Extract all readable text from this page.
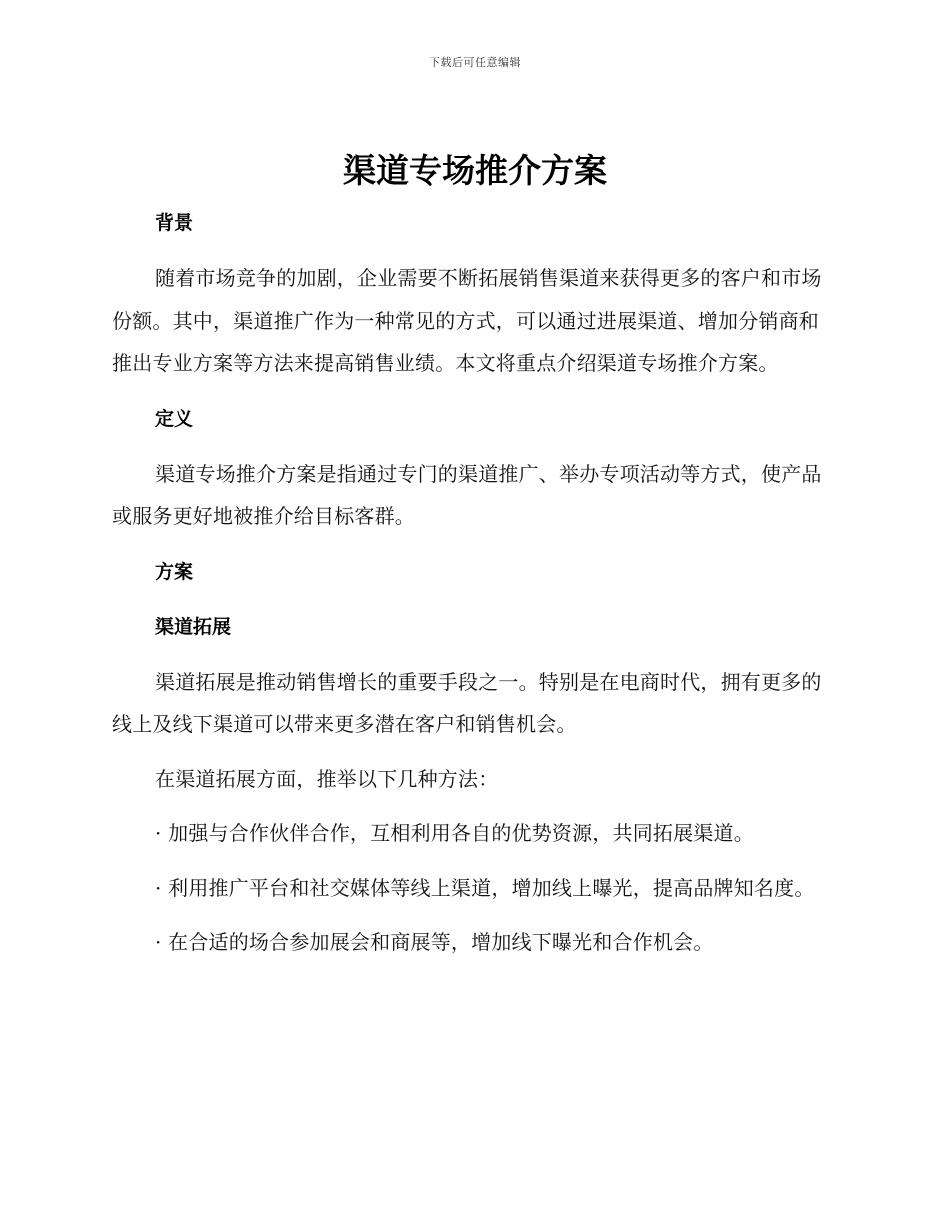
下载后可任意编辑
渠道专场推介方案
背景

随着市场竞争的加剧，企业需要不断拓展销售渠道来获得更多的客户和市场份额。其中，渠道推广作为一种常见的方式，可以通过进展渠道、增加分销商和推出专业方案等方法来提高销售业绩。本文将重点介绍渠道专场推介方案。

定义

渠道专场推介方案是指通过专门的渠道推广、举办专项活动等方式，使产品或服务更好地被推介给目标客群。

方案
渠道拓展

渠道拓展是推动销售增长的重要手段之一。特别是在电商时代，拥有更多的线上及线下渠道可以带来更多潜在客户和销售机会。

在渠道拓展方面，推举以下几种方法：

· 加强与合作伙伴合作，互相利用各自的优势资源，共同拓展渠道。

· 利用推广平台和社交媒体等线上渠道，增加线上曝光，提高品牌知名度。

· 在合适的场合参加展会和商展等，增加线下曝光和合作机会。
